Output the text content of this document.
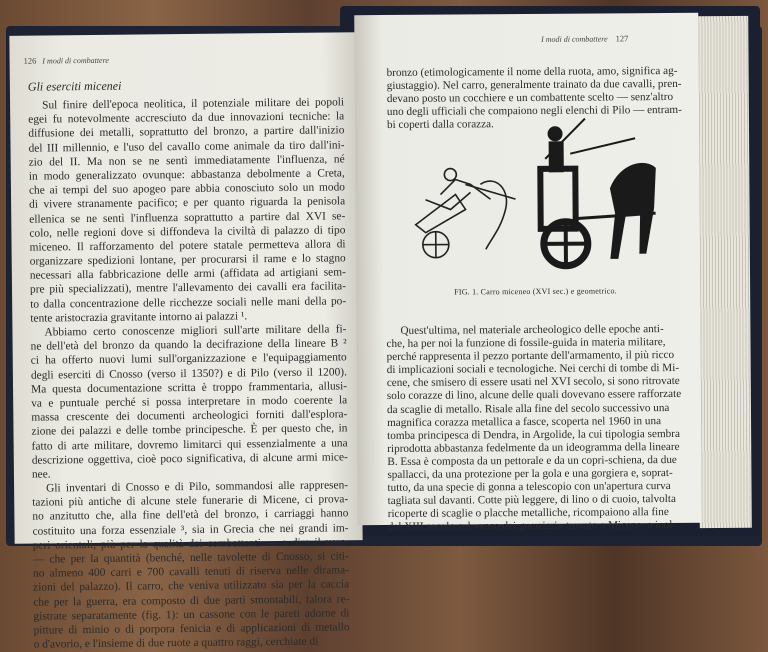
126 I modi di combattere
Gli eserciti micenei
Sul finire dell'epoca neolitica, il potenziale militare dei popoli
egei fu notevolmente accresciuto da due innovazioni tecniche: la
diffusione dei metalli, soprattutto del bronzo, a partire dall'inizio
del III millennio, e l'uso del cavallo come animale da tiro dall'ini-
zio del II. Ma non se ne sentì immediatamente l'influenza, né
in modo generalizzato ovunque: abbastanza debolmente a Creta,
che ai tempi del suo apogeo pare abbia conosciuto solo un modo
di vivere stranamente pacifico; e per quanto riguarda la penisola
ellenica se ne sentì l'influenza soprattutto a partire dal XVI se-
colo, nelle regioni dove si diffondeva la civiltà di palazzo di tipo
miceneo. Il rafforzamento del potere statale permetteva allora di
organizzare spedizioni lontane, per procurarsi il rame e lo stagno
necessari alla fabbricazione delle armi (affidata ad artigiani sem-
pre più specializzati), mentre l'allevamento dei cavalli era facilita-
to dalla concentrazione delle ricchezze sociali nelle mani della po-
tente aristocrazia gravitante intorno ai palazzi ¹.
Abbiamo certo conoscenze migliori sull'arte militare della fi-
ne dell'età del bronzo da quando la decifrazione della lineare B ²
ci ha offerto nuovi lumi sull'organizzazione e l'equipaggiamento
degli eserciti di Cnosso (verso il 1350?) e di Pilo (verso il 1200).
Ma questa documentazione scritta è troppo frammentaria, allusi-
va e puntuale perché si possa interpretare in modo coerente la
massa crescente dei documenti archeologici forniti dall'esplora-
zione dei palazzi e delle tombe principesche. È per questo che, in
fatto di arte militare, dovremo limitarci qui essenzialmente a una
descrizione oggettiva, cioè poco significativa, di alcune armi mice-
nee.
Gli inventari di Cnosso e di Pilo, sommandosi alle rappresen-
tazioni più antiche di alcune stele funerarie di Micene, ci prova-
no anzitutto che, alla fine dell'età del bronzo, i carriaggi hanno
costituito una forza essenziale ³, sia in Grecia che nei grandi im-
peri orientali, più per la qualità dei combattenti — a dire il vero,
— che per la quantità (benché, nelle tavolette di Cnosso, si citi-
no almeno 400 carri e 700 cavalli tenuti di riserva nelle dirama-
zioni del palazzo). Il carro, che veniva utilizzato sia per la caccia
che per la guerra, era composto di due parti smontabili, talora re-
gistrate separatamente (fig. 1): un cassone con le pareti adorne di
pitture di minio o di porpora fenicia e di applicazioni di metallo
o d'avorio, e l'insieme di due ruote a quattro raggi, cerchiate di
I modi di combattere 127
bronzo (etimologicamente il nome della ruota, amo, significa ag-
giustaggio). Nel carro, generalmente trainato da due cavalli, pren-
devano posto un cocchiere e un combattente scelto — senz'altro
uno degli ufficiali che compaiono negli elenchi di Pilo — entram-
bi coperti dalla corazza.
FIG. 1. Carro miceneo (XVI sec.) e geometrico.
Quest'ultima, nel materiale archeologico delle epoche anti-
che, ha per noi la funzione di fossile-guida in materia militare,
perché rappresenta il pezzo portante dell'armamento, il più ricco
di implicazioni sociali e tecnologiche. Nei cerchi di tombe di Mi-
cene, che smisero di essere usati nel XVI secolo, si sono ritrovate
solo corazze di lino, alcune delle quali dovevano essere rafforzate
da scaglie di metallo. Risale alla fine del secolo successivo una
magnifica corazza metallica a fasce, scoperta nel 1960 in una
tomba principesca di Dendra, in Argolide, la cui tipologia sembra
riprodotta abbastanza fedelmente da un ideogramma della lineare
B. Essa è composta da un pettorale e da un copri-schiena, da due
spallacci, da una protezione per la gola e una gorgiera e, soprat-
tutto, da una specie di gonna a telescopio con un'apertura curva
tagliata sul davanti. Cotte più leggere, di lino o di cuoio, talvolta
ricoperte di scaglie o placche metalliche, ricompaiono alla fine
del XIII secolo sul «vaso dei guerrieri» trovato a Micene, e inol-
